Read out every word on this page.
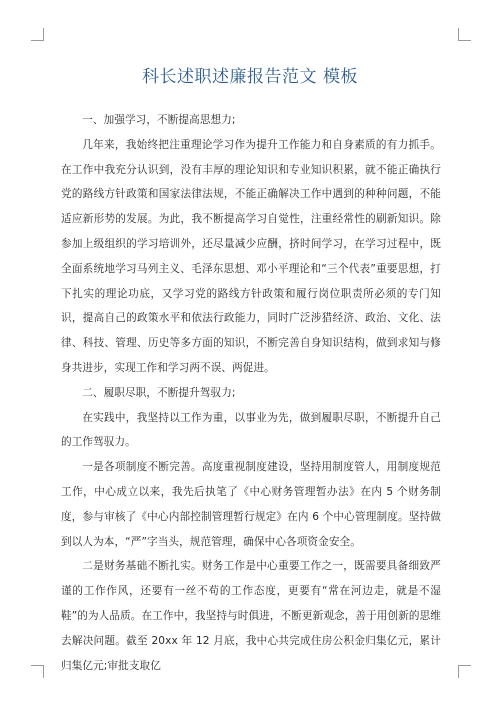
科长述职述廉报告范文 模板

一、加强学习，不断提高思想力;

几年来，我始终把注重理论学习作为提升工作能力和自身素质的有力抓手。在工作中我充分认识到，没有丰厚的理论知识和专业知识积累，就不能正确执行党的路线方针政策和国家法律法规，不能正确解决工作中遇到的种种问题，不能适应新形势的发展。为此，我不断提高学习自觉性，注重经常性的刷新知识。除参加上级组织的学习培训外，还尽量减少应酬，挤时间学习，在学习过程中，既全面系统地学习马列主义、毛泽东思想、邓小平理论和“三个代表”重要思想，打下扎实的理论功底，又学习党的路线方针政策和履行岗位职责所必须的专门知识，提高自己的政策水平和依法行政能力，同时广泛涉猎经济、政治、文化、法律、科技、管理、历史等多方面的知识，不断完善自身知识结构，做到求知与修身共进步，实现工作和学习两不误、两促进。

二、履职尽职，不断提升驾驭力;

在实践中，我坚持以工作为重，以事业为先，做到履职尽职，不断提升自己的工作驾驭力。

一是各项制度不断完善。高度重视制度建设，坚持用制度管人，用制度规范工作，中心成立以来，我先后执笔了《中心财务管理暂办法》在内 5 个财务制度，参与审核了《中心内部控制管理暂行规定》在内 6 个中心管理制度。坚持做到以人为本，“严”字当头，规范管理，确保中心各项资金安全。

二是财务基础不断扎实。财务工作是中心重要工作之一，既需要具备细致严谨的工作作风，还要有一丝不苟的工作态度，更要有“常在河边走，就是不湿鞋”的为人品质。在工作中，我坚持与时俱进，不断更新观念，善于用创新的思维去解决问题。截至 20xx 年 12 月底，我中心共完成住房公积金归集亿元，累计归集亿元;审批支取亿
